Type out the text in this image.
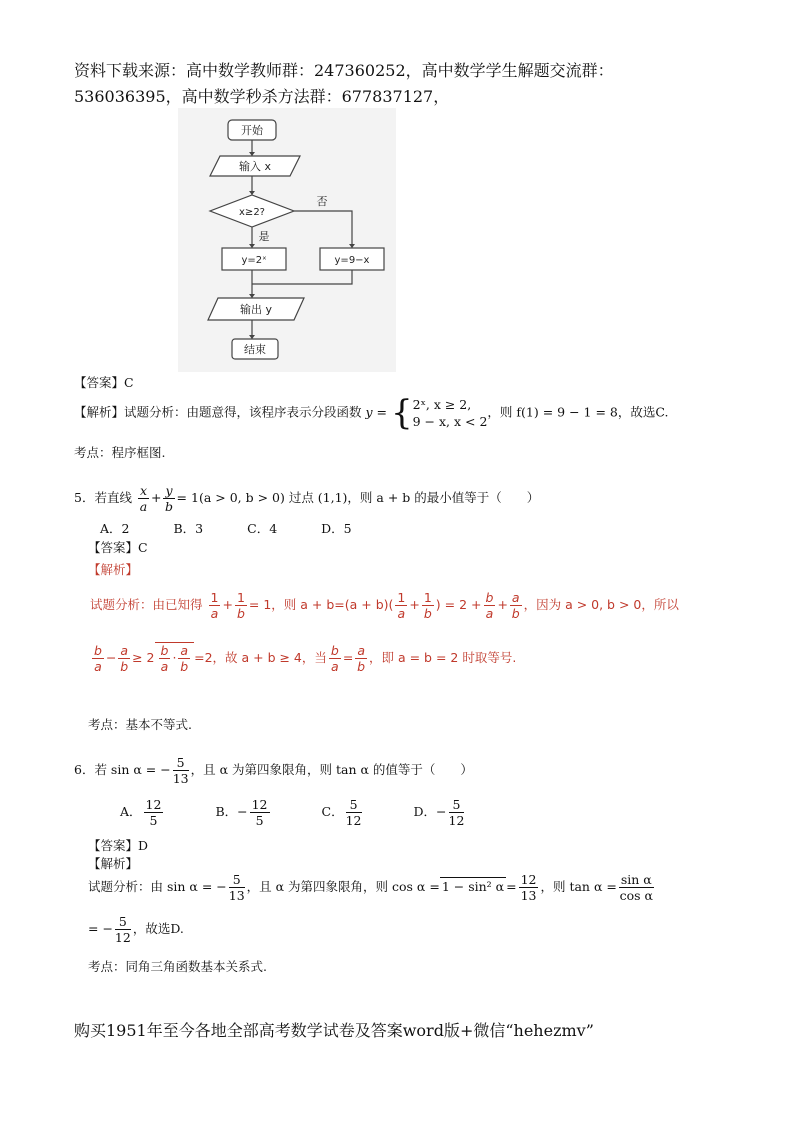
资料下载来源：高中数学教师群：247360252，高中数学学生解题交流群：
536036395，高中数学秒杀方法群：677837127，
开始
输入 x
x≥2?
是
否
y=2ˣ	y=9−x
输出 y
结束
【答案】C
【解析】试题分析：由题意得，该程序表示分段函数 y = { 2ˣ, x ≥ 2,
9 − x, x < 2
，则 f(1) = 9 − 1 = 8，故选C.
考点：程序框图.
5．若直线 $\frac{x}{a} + \frac{y}{b} = 1(a > 0$, b > 0) 过点 (1,1)，则 a + b 的最小值等于（　　）
A．2	B．3	C．4	D．5
【答案】C
【解析】
试题分析：由已知得 $\frac{1}{a} + \frac{1}{b} = 1$，则 $a + b=(a + b)( \frac{1}{a} + \frac{1}{b}$ ) = $2 + \frac{b}{a} + \frac{a}{b}$ ，因为 a > 0, b > 0，所以
$\frac{b}{a} - \frac{a}{b} \ge 2 \frac{b}{a} \cdot \frac{a}{b} =2$，故 a + b ≥ 4，当 $\frac{b}{a} = \frac{a}{b}$ ，即 a = b = 2 时取等号.
考点：基本不等式.
6．若 sin α = − $\frac{5}{13}$ ，且 α 为第四象限角，则 tan α 的值等于（　　）
A． $\frac{12}{5}$	B．− $\frac{12}{5}$	C． $\frac{5}{12}$	D．− $\frac{5}{12}$
【答案】D
【解析】
试题分析：由 sin α = − $\frac{5}{13}$ ，且 α 为第四象限角，则 cos α = 1 − sin² $\alpha = \frac{12}{13}$ ，则 $\tan \alpha = \frac{\text{sin α}}{\text{cos α}}$
= − $\frac{5}{12}$ ，故选D.
考点：同角三角函数基本关系式.
购买1951年至今各地全部高考数学试卷及答案word版+微信“hehezmv”
